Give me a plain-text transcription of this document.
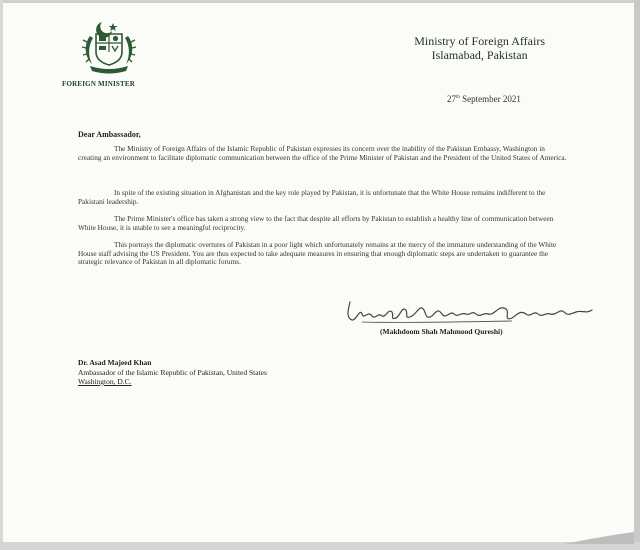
FOREIGN MINISTER
Ministry of Foreign Affairs
Islamabad, Pakistan
27th September 2021
Dear Ambassador,
The Ministry of Foreign Affairs of the Islamic Republic of Pakistan expresses its concern over the inability of the Pakistan Embassy, Washington in creating an environment to facilitate diplomatic communication between the office of the Prime Minister of Pakistan and the President of the United States of America.
In spite of the existing situation in Afghanistan and the key role played by Pakistan, it is unfortunate that the White House remains indifferent to the Pakistani leadership.
The Prime Minister's office has taken a strong view to the fact that despite all efforts by Pakistan to establish a healthy line of communication between White House, it is unable to see a meaningful reciprocity.
This portrays the diplomatic overtures of Pakistan in a poor light which unfortunately remains at the mercy of the immature understanding of the White House staff advising the US President. You are thus expected to take adequate measures in ensuring that enough diplomatic steps are undertaken to guarantee the strategic relevance of Pakistan in all diplomatic forums.
(Makhdoom Shah Mahmood Qureshi)
Dr. Asad Majeed Khan
Ambassador of the Islamic Republic of Pakistan, United States
Washington, D.C.
